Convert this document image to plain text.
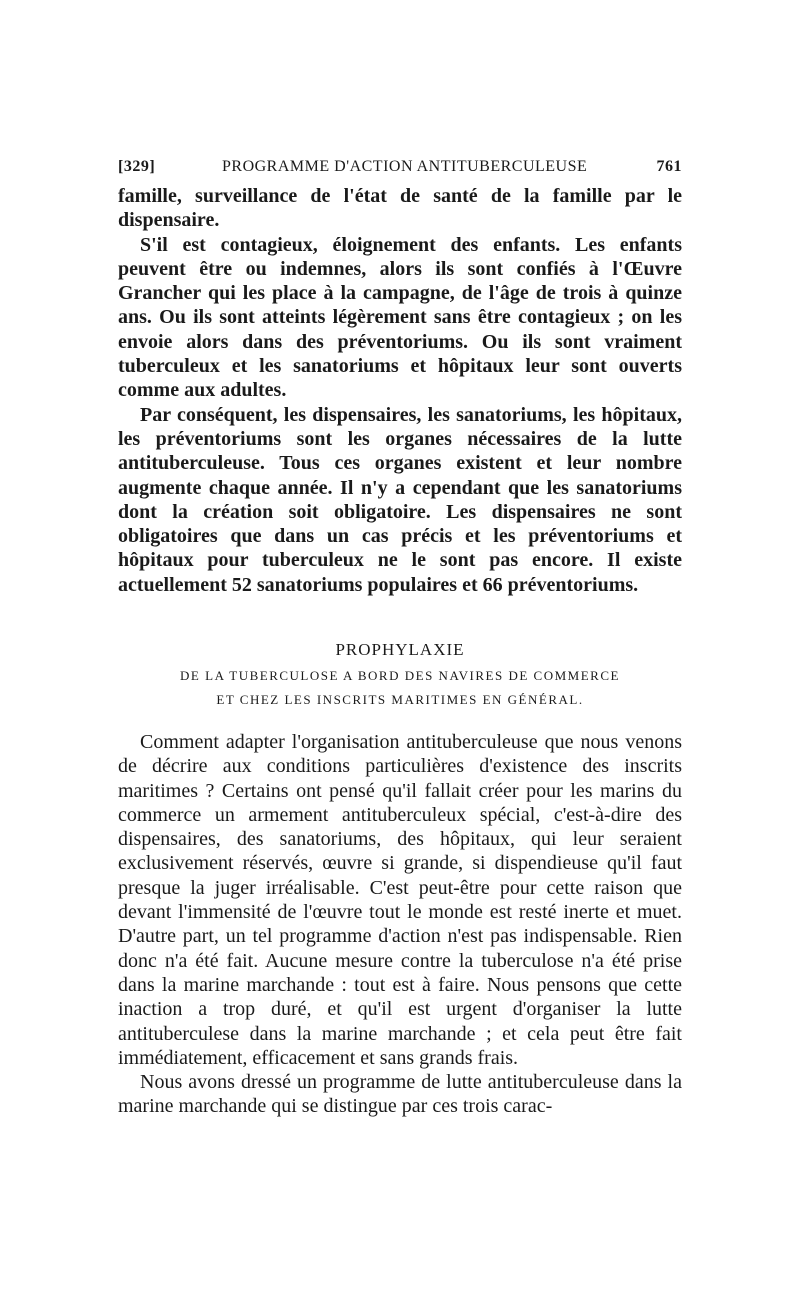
[329]	PROGRAMME D'ACTION ANTITUBERCULEUSE	761

famille, surveillance de l'état de santé de la famille par le dispensaire.

S'il est contagieux, éloignement des enfants. Les enfants peuvent être ou indemnes, alors ils sont confiés à l'Œuvre Grancher qui les place à la campagne, de l'âge de trois à quinze ans. Ou ils sont atteints légèrement sans être contagieux ; on les envoie alors dans des préventoriums. Ou ils sont vraiment tuberculeux et les sanatoriums et hôpitaux leur sont ouverts comme aux adultes.

Par conséquent, les dispensaires, les sanatoriums, les hôpitaux, les préventoriums sont les organes nécessaires de la lutte antituberculeuse. Tous ces organes existent et leur nombre augmente chaque année. Il n'y a cependant que les sanatoriums dont la création soit obligatoire. Les dispensaires ne sont obligatoires que dans un cas précis et les préventoriums et hôpitaux pour tuberculeux ne le sont pas encore. Il existe actuellement 52 sanatoriums populaires et 66 préventoriums.

PROPHYLAXIE
DE LA TUBERCULOSE A BORD DES NAVIRES DE COMMERCE
ET CHEZ LES INSCRITS MARITIMES EN GÉNÉRAL.

Comment adapter l'organisation antituberculeuse que nous venons de décrire aux conditions particulières d'existence des inscrits maritimes ? Certains ont pensé qu'il fallait créer pour les marins du commerce un armement antituberculeux spécial, c'est-à-dire des dispensaires, des sanatoriums, des hôpitaux, qui leur seraient exclusivement réservés, œuvre si grande, si dispendieuse qu'il faut presque la juger irréalisable. C'est peut-être pour cette raison que devant l'immensité de l'œuvre tout le monde est resté inerte et muet. D'autre part, un tel programme d'action n'est pas indispensable. Rien donc n'a été fait. Aucune mesure contre la tuberculose n'a été prise dans la marine marchande : tout est à faire. Nous pensons que cette inaction a trop duré, et qu'il est urgent d'organiser la lutte antituberculese dans la marine marchande ; et cela peut être fait immédiatement, efficacement et sans grands frais.

Nous avons dressé un programme de lutte antituberculeuse dans la marine marchande qui se distingue par ces trois carac-
